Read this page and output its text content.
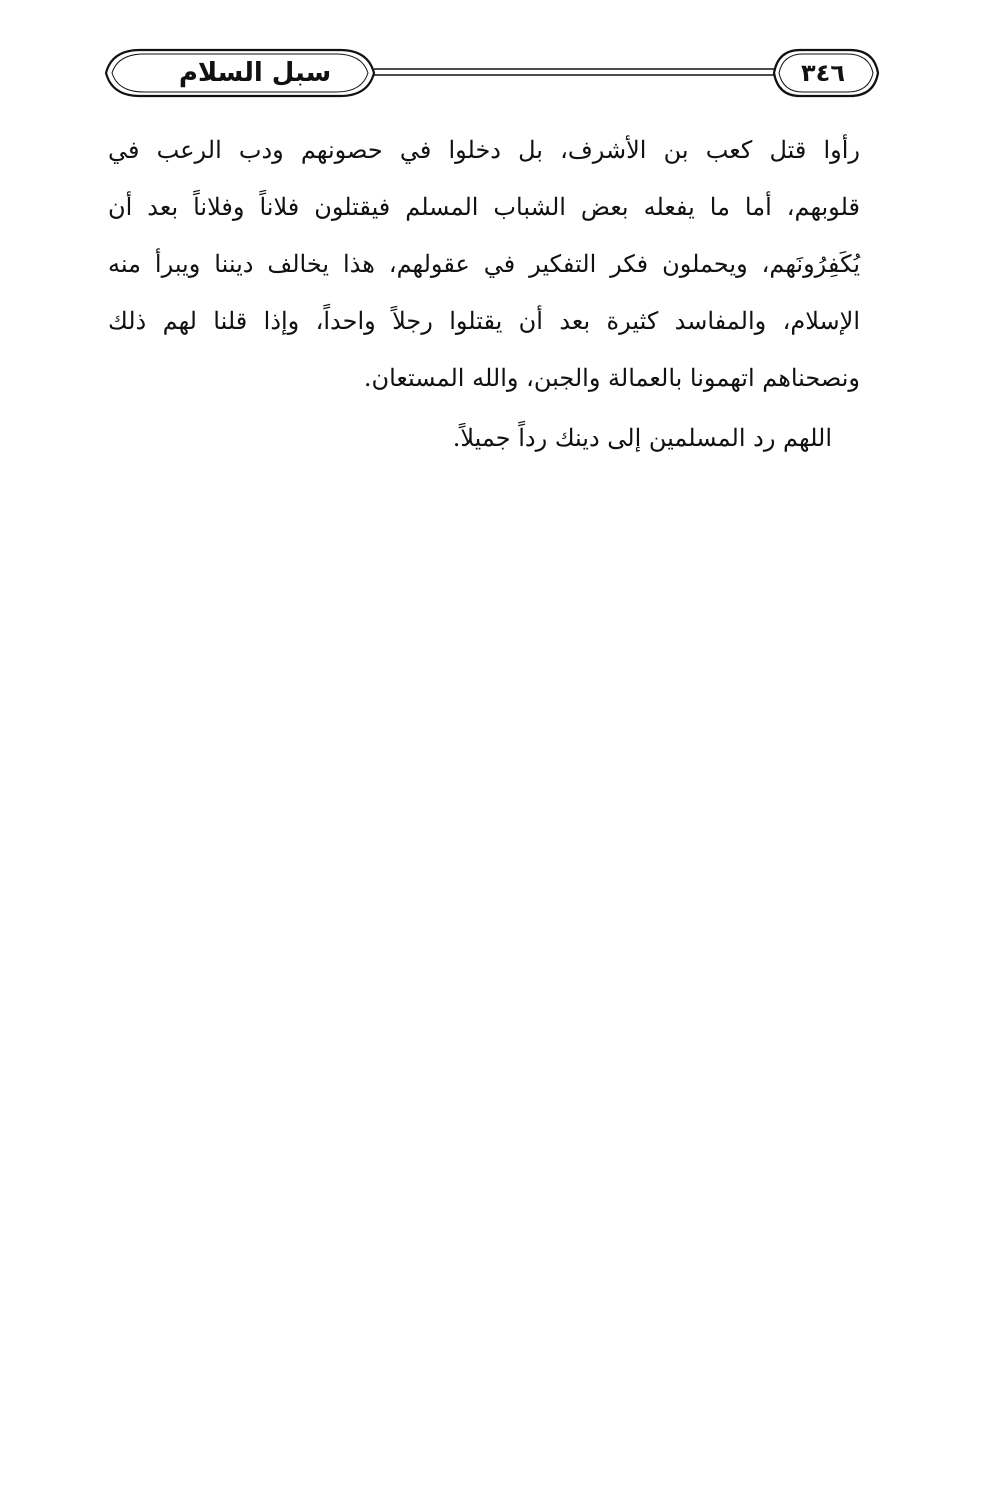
سبل السلام	٣٤٦
رأوا قتل كعب بن الأشرف، بل دخلوا في حصونهم ودب الرعب في
قلوبهم، أما ما يفعله بعض الشباب المسلم فيقتلون فلاناً وفلاناً بعد أن
يُكَفِرُونَهم، ويحملون فكر التفكير في عقولهم، هذا يخالف ديننا ويبرأ منه
الإسلام، والمفاسد كثيرة بعد أن يقتلوا رجلاً واحداً، وإذا قلنا لهم ذلك
ونصحناهم اتهمونا بالعمالة والجبن، والله المستعان.
اللهم رد المسلمين إلى دينك رداً جميلاً.
